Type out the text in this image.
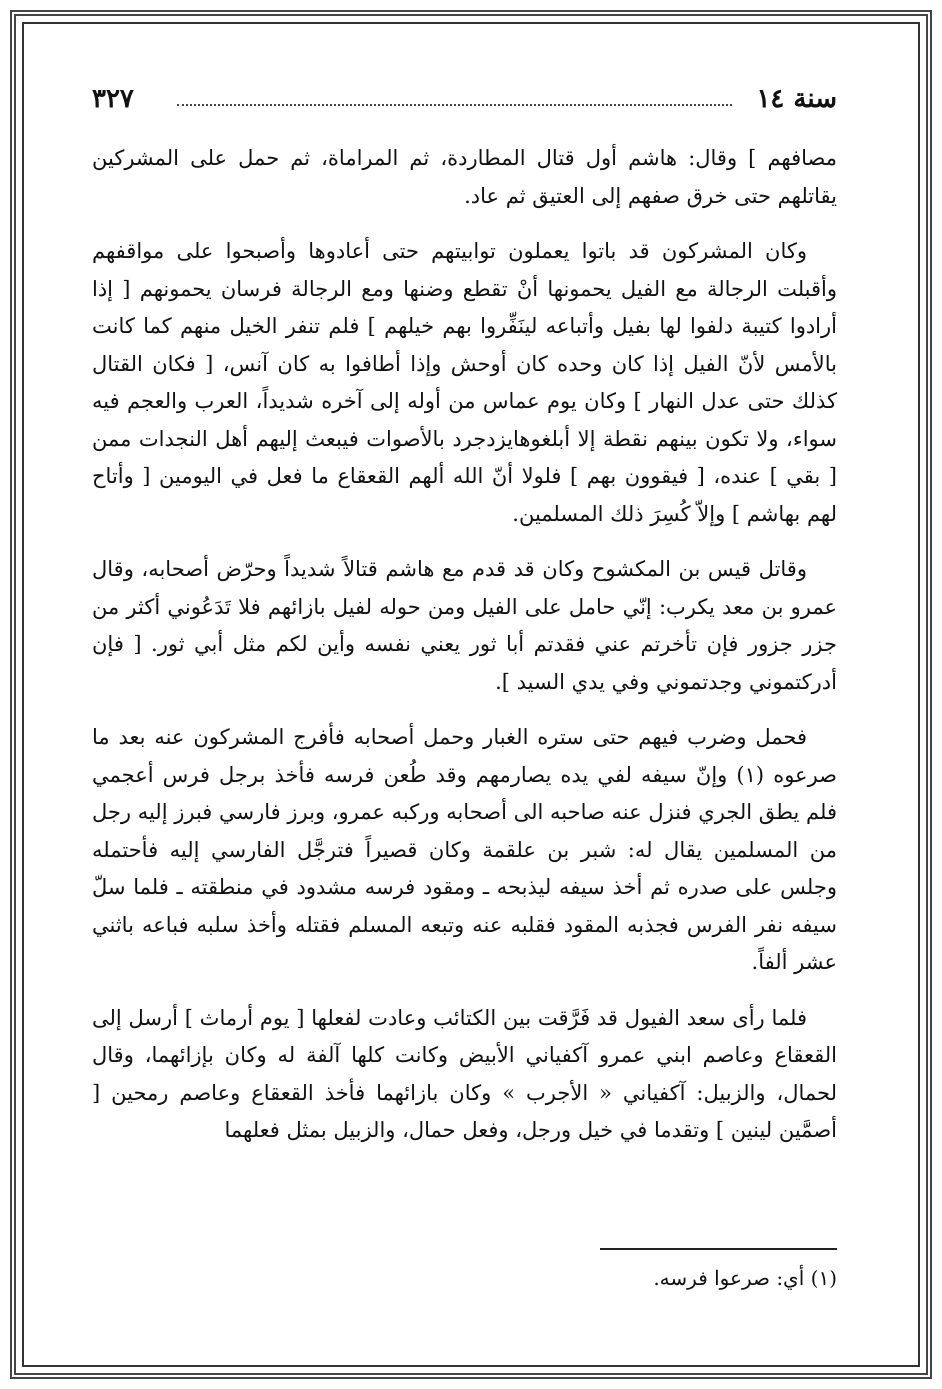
سنة ١٤
٣٢٧

مصافهم ] وقال: هاشم أول قتال المطاردة، ثم المراماة، ثم حمل على المشركين يقاتلهم حتى خرق صفهم إلى العتيق ثم عاد.

وكان المشركون قد باتوا يعملون توابيتهم حتى أعادوها وأصبحوا على مواقفهم وأقبلت الرجالة مع الفيل يحمونها أنْ تقطع وضنها ومع الرجالة فرسان يحمونهم [ إذا أرادوا كتيبة دلفوا لها بفيل وأتباعه لينَفِّروا بهم خيلهم ] فلم تنفر الخيل منهم كما كانت بالأمس لأنّ الفيل إذا كان وحده كان أوحش وإذا أطافوا به كان آنس، [ فكان القتال كذلك حتى عدل النهار ] وكان يوم عماس من أوله إلى آخره شديداً، العرب والعجم فيه سواء، ولا تكون بينهم نقطة إلا أبلغوهايزدجرد بالأصوات فيبعث إليهم أهل النجدات ممن [ بقي ] عنده، [ فيقوون بهم ] فلولا أنّ الله ألهم القعقاع ما فعل في اليومين [ وأتاح لهم بهاشم ] وإلاّ كُسِرَ ذلك المسلمين.

وقاتل قيس بن المكشوح وكان قد قدم مع هاشم قتالاً شديداً وحرّض أصحابه، وقال عمرو بن معد يكرب: إنّي حامل على الفيل ومن حوله لفيل بازائهم فلا تَدَعُوني أكثر من جزر جزور فإن تأخرتم عني فقدتم أبا ثور يعني نفسه وأين لكم مثل أبي ثور. [ فإن أدركتموني وجدتموني وفي يدي السيد ].

فحمل وضرب فيهم حتى ستره الغبار وحمل أصحابه فأفرج المشركون عنه بعد ما صرعوه (١) وإنّ سيفه لفي يده يصارمهم وقد طُعن فرسه فأخذ برجل فرس أعجمي فلم يطق الجري فنزل عنه صاحبه الى أصحابه وركبه عمرو، وبرز فارسي فبرز إليه رجل من المسلمين يقال له: شبر بن علقمة وكان قصيراً فترجَّل الفارسي إليه فأحتمله وجلس على صدره ثم أخذ سيفه ليذبحه ـ ومقود فرسه مشدود في منطقته ـ فلما سلّ سيفه نفر الفرس فجذبه المقود فقلبه عنه وتبعه المسلم فقتله وأخذ سلبه فباعه باثني عشر ألفاً.

فلما رأى سعد الفيول قد فَرَّقت بين الكتائب وعادت لفعلها [ يوم أرماث ] أرسل إلى القعقاع وعاصم ابني عمرو آكفياني الأبيض وكانت كلها آلفة له وكان بإزائهما، وقال لحمال، والزبيل: آكفياني « الأجرب » وكان بازائهما فأخذ القعقاع وعاصم رمحين [ أصمَّين لينين ] وتقدما في خيل ورجل، وفعل حمال، والزبيل بمثل فعلهما

(١) أي: صرعوا فرسه.
